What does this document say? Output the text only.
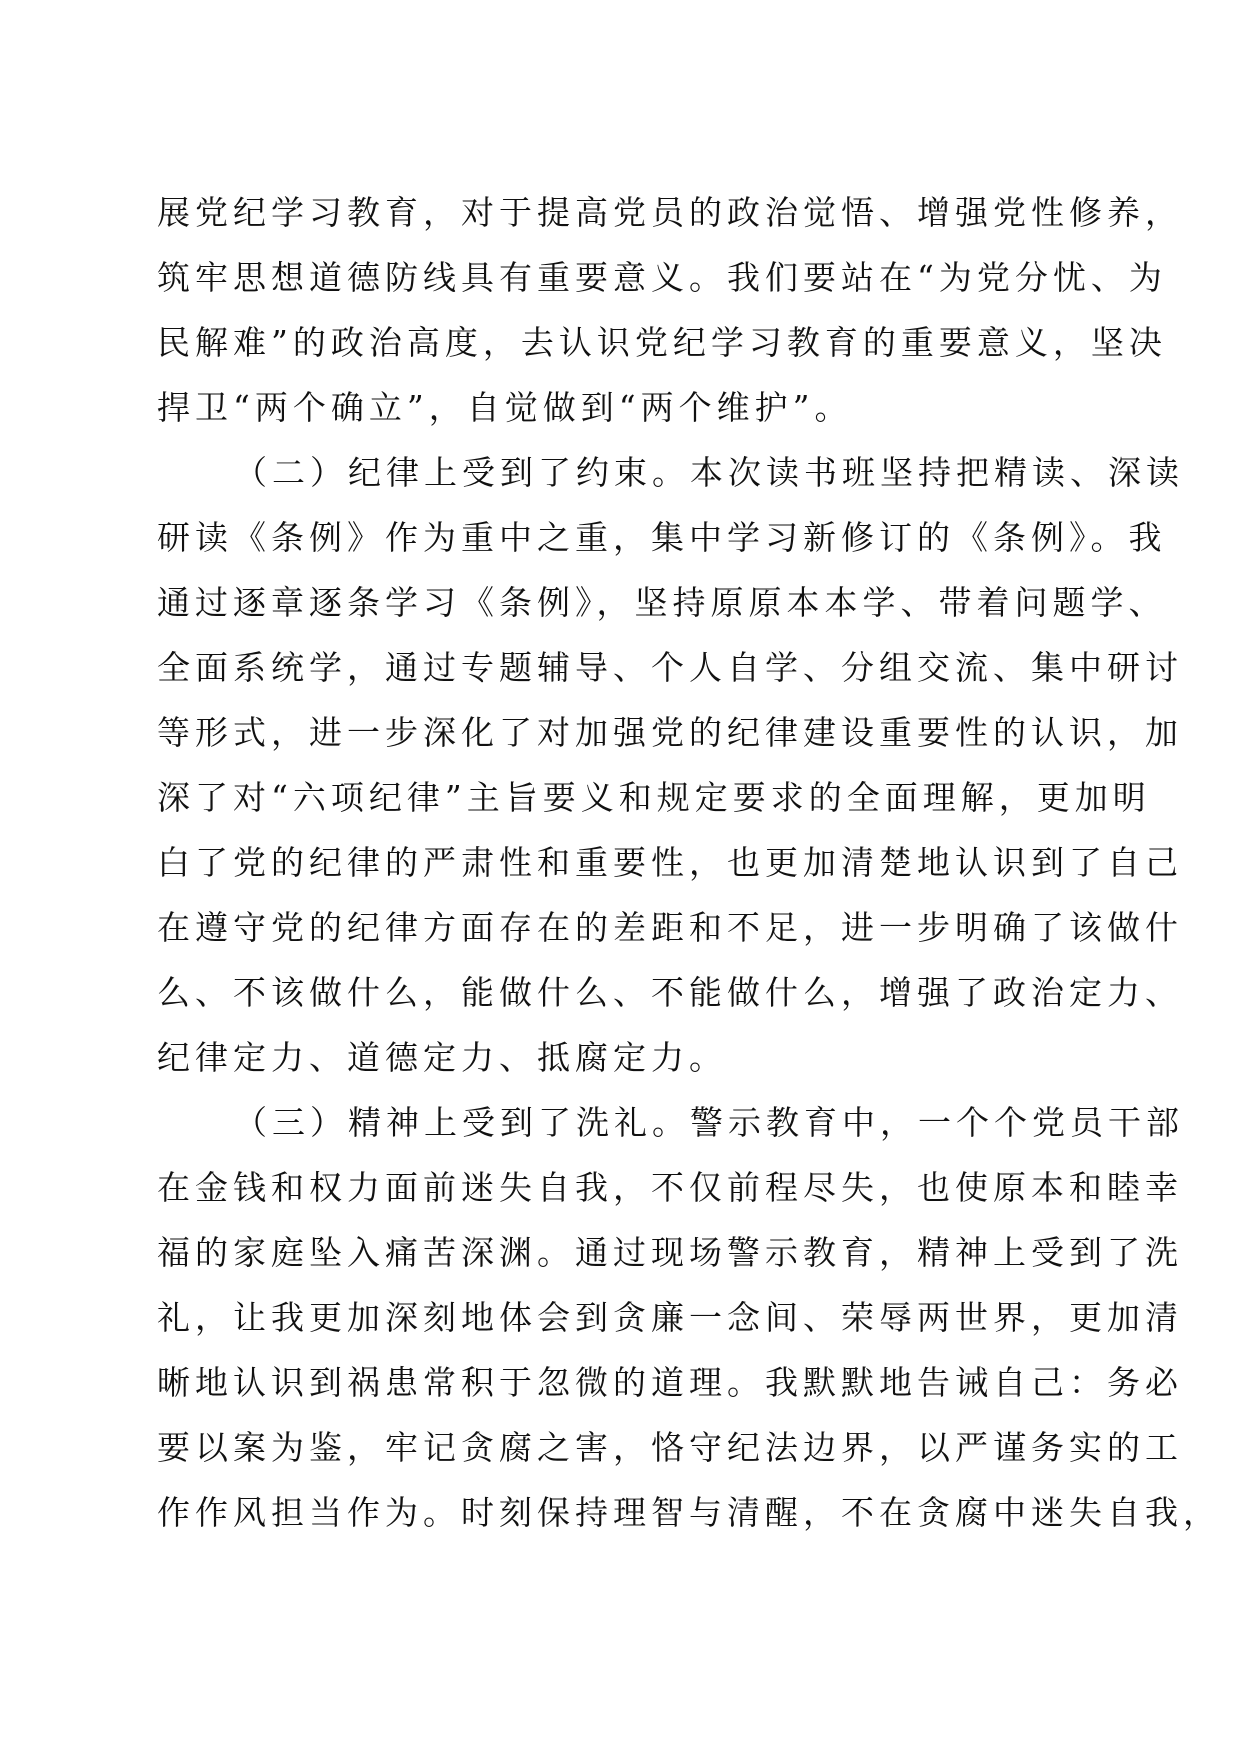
展党纪学习教育，对于提高党员的政治觉悟、增强党性修养，

筑牢思想道德防线具有重要意义。我们要站在“为党分忧、为

民解难”的政治高度，去认识党纪学习教育的重要意义，坚决

捍卫“两个确立”，自觉做到“两个维护”。

（二）纪律上受到了约束。本次读书班坚持把精读、深读

研读《条例》作为重中之重，集中学习新修订的《条例》。我

通过逐章逐条学习《条例》，坚持原原本本学、带着问题学、

全面系统学，通过专题辅导、个人自学、分组交流、集中研讨

等形式，进一步深化了对加强党的纪律建设重要性的认识，加

深了对“六项纪律”主旨要义和规定要求的全面理解，更加明

白了党的纪律的严肃性和重要性，也更加清楚地认识到了自己

在遵守党的纪律方面存在的差距和不足，进一步明确了该做什

么、不该做什么，能做什么、不能做什么，增强了政治定力、

纪律定力、道德定力、抵腐定力。

（三）精神上受到了洗礼。警示教育中，一个个党员干部

在金钱和权力面前迷失自我，不仅前程尽失，也使原本和睦幸

福的家庭坠入痛苦深渊。通过现场警示教育，精神上受到了洗

礼，让我更加深刻地体会到贪廉一念间、荣辱两世界，更加清

晰地认识到祸患常积于忽微的道理。我默默地告诫自己：务必

要以案为鉴，牢记贪腐之害，恪守纪法边界，以严谨务实的工

作作风担当作为。时刻保持理智与清醒，不在贪腐中迷失自我，
